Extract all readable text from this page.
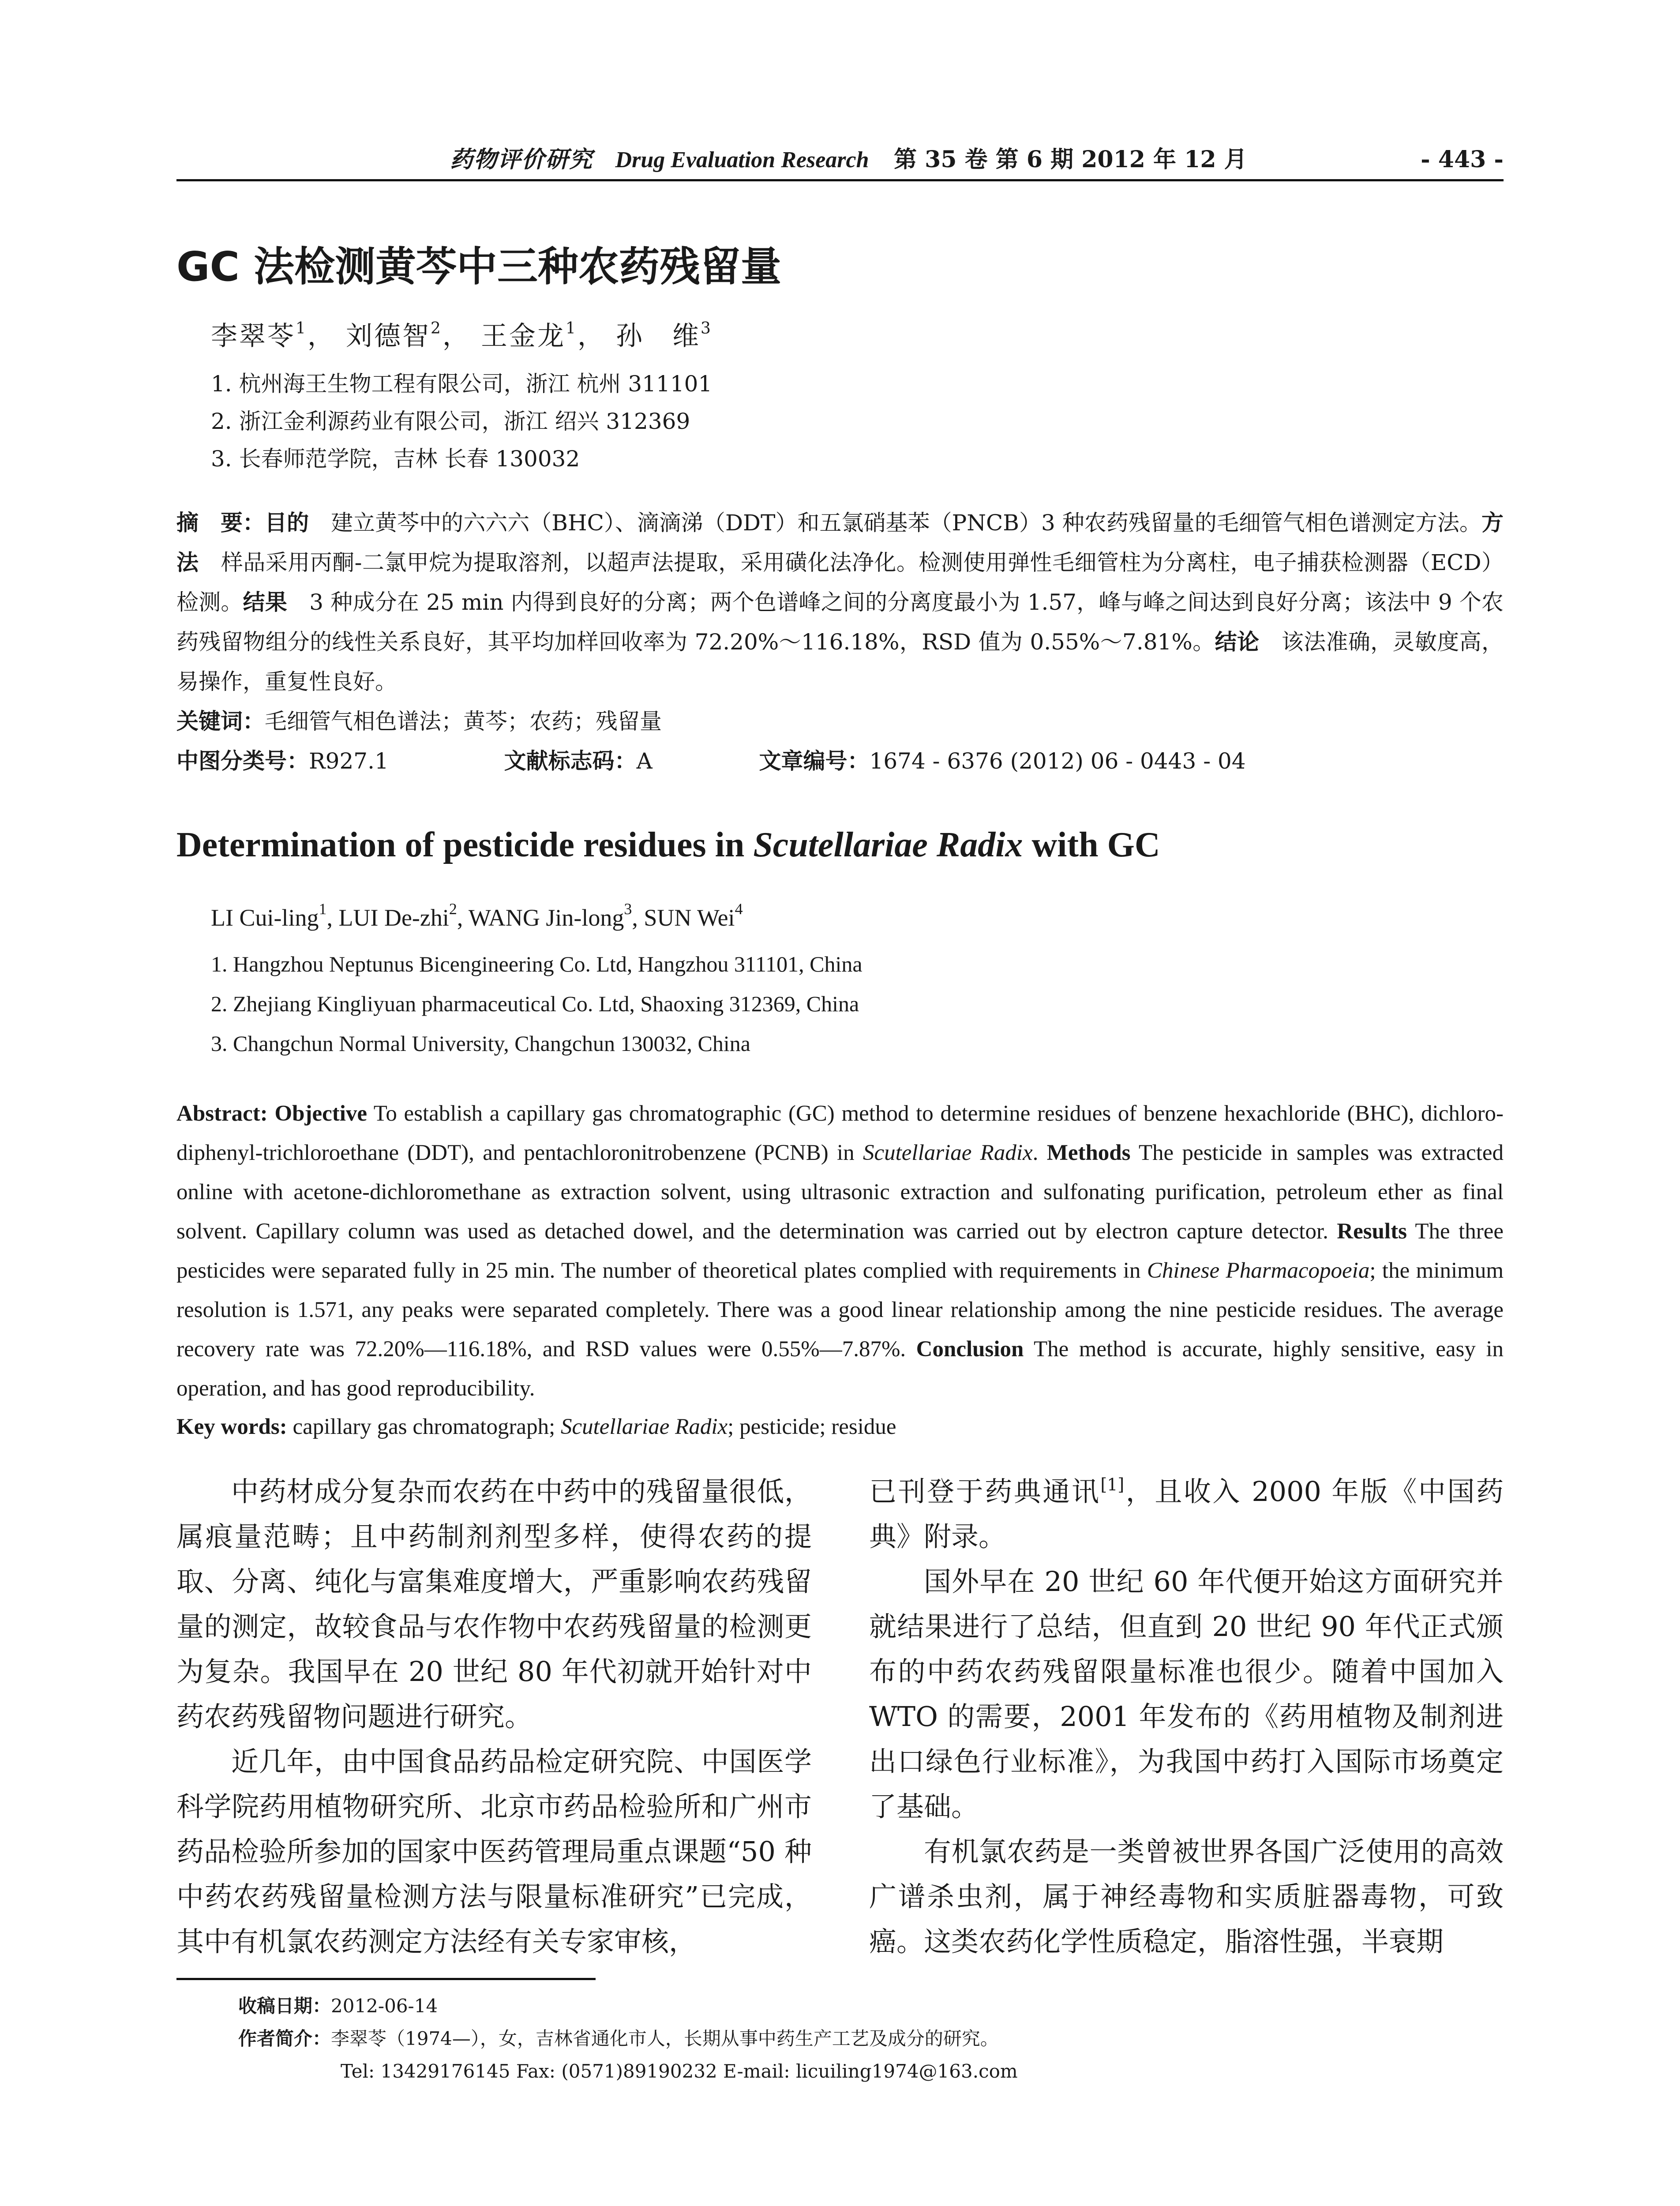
药物评价研究 Drug Evaluation Research 第 35 卷 第 6 期 2012 年 12 月	- 443 -
GC 法检测黄芩中三种农药残留量
李翠苓$^1$， 刘德智$^2$， 王金龙$^1$， 孙　维$^3$
1. 杭州海王生物工程有限公司，浙江 杭州 311101
2. 浙江金利源药业有限公司，浙江 绍兴 312369
3. 长春师范学院，吉林 长春 130032
摘　要：目的　建立黄芩中的六六六（BHC）、滴滴涕（DDT）和五氯硝基苯（PNCB）3 种农药残留量的毛细管气相色谱测定方法。方法　样品采用丙酮-二氯甲烷为提取溶剂，以超声法提取，采用磺化法净化。检测使用弹性毛细管柱为分离柱，电子捕获检测器（ECD）检测。结果　3 种成分在 25 min 内得到良好的分离；两个色谱峰之间的分离度最小为 1.57，峰与峰之间达到良好分离；该法中 9 个农药残留物组分的线性关系良好，其平均加样回收率为 72.20%～116.18%，RSD 值为 0.55%～7.81%。结论　该法准确，灵敏度高，易操作，重复性良好。
关键词：毛细管气相色谱法；黄芩；农药；残留量
中图分类号：R927.1	文献标志码：A	文章编号：1674 - 6376 (2012) 06 - 0443 - 04
Determination of pesticide residues in Scutellariae Radix with GC
LI Cui-ling$^1$, LUI De-zhi$^2$, WANG Jin-long$^3$, SUN Wei$^4$
1. Hangzhou Neptunus Bicengineering Co. Ltd, Hangzhou 311101, China
2. Zhejiang Kingliyuan pharmaceutical Co. Ltd, Shaoxing 312369, China
3. Changchun Normal University, Changchun 130032, China
Abstract: Objective To establish a capillary gas chromatographic (GC) method to determine residues of benzene hexachloride (BHC), dichloro-diphenyl-trichloroethane (DDT), and pentachloronitrobenzene (PCNB) in Scutellariae Radix. Methods The pesticide in samples was extracted online with acetone-dichloromethane as extraction solvent, using ultrasonic extraction and sulfonating purification, petroleum ether as final solvent. Capillary column was used as detached dowel, and the determination was carried out by electron capture detector. Results The three pesticides were separated fully in 25 min. The number of theoretical plates complied with requirements in Chinese Pharmacopoeia; the minimum resolution is 1.571, any peaks were separated completely. There was a good linear relationship among the nine pesticide residues. The average recovery rate was 72.20%—116.18%, and RSD values were 0.55%—7.87%. Conclusion The method is accurate, highly sensitive, easy in operation, and has good reproducibility.
Key words: capillary gas chromatograph; Scutellariae Radix; pesticide; residue

中药材成分复杂而农药在中药中的残留量很低，属痕量范畴；且中药制剂剂型多样，使得农药的提取、分离、纯化与富集难度增大，严重影响农药残留量的测定，故较食品与农作物中农药残留量的检测更为复杂。我国早在 20 世纪 80 年代初就开始针对中药农药残留物问题进行研究。

近几年，由中国食品药品检定研究院、中国医学科学院药用植物研究所、北京市药品检验所和广州市药品检验所参加的国家中医药管理局重点课题“50 种中药农药残留量检测方法与限量标准研究”已完成，其中有机氯农药测定方法经有关专家审核，

已刊登于药典通讯[1]，且收入 2000 年版《中国药典》附录。

国外早在 20 世纪 60 年代便开始这方面研究并就结果进行了总结，但直到 20 世纪 90 年代正式颁布的中药农药残留限量标准也很少。随着中国加入 WTO 的需要，2001 年发布的《药用植物及制剂进出口绿色行业标准》，为我国中药打入国际市场奠定了基础。

有机氯农药是一类曾被世界各国广泛使用的高效广谱杀虫剂，属于神经毒物和实质脏器毒物，可致癌。这类农药化学性质稳定，脂溶性强，半衰期

收稿日期：2012-06-14
作者简介：李翠苓（1974—），女，吉林省通化市人，长期从事中药生产工艺及成分的研究。
Tel: 13429176145 Fax: (0571)89190232 E-mail: licuiling1974@163.com
